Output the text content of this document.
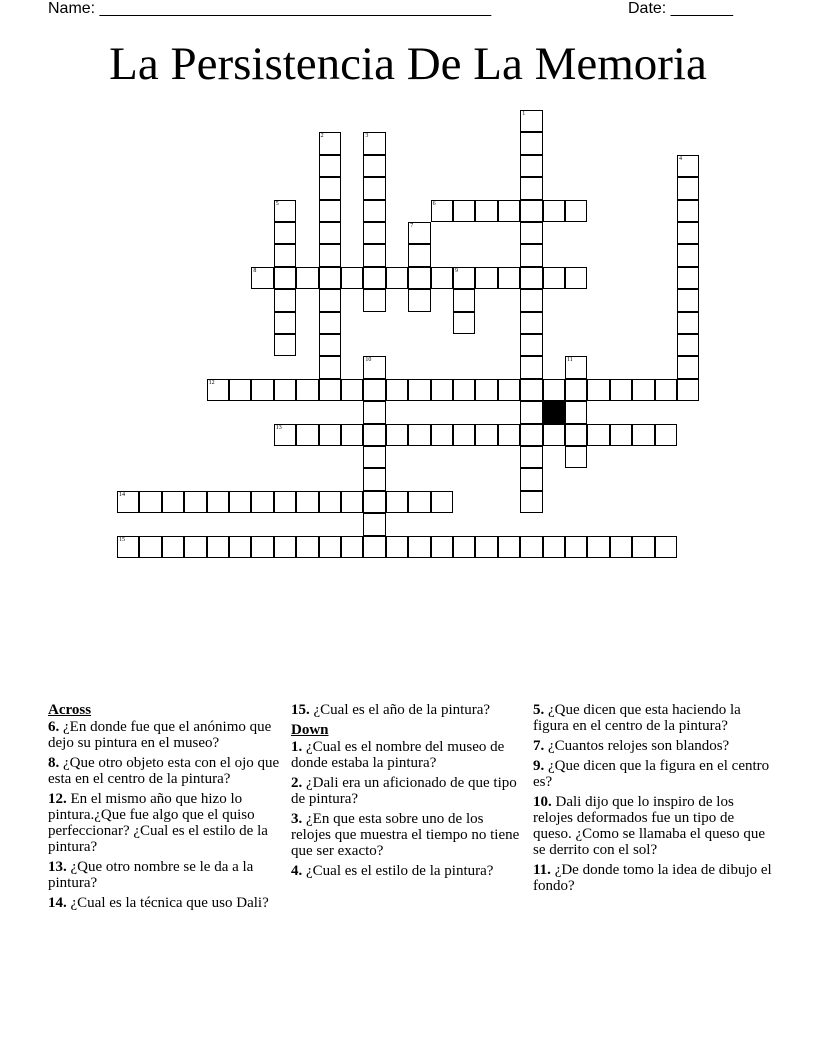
Name: ____________________________________________	Date: _______
La Persistencia De La Memoria
1
2	3
4
5	6
7
8	9
10	11
12
13
14
15
Across
6. ¿En donde fue que el anónimo que dejo su pintura en el museo?
8. ¿Que otro objeto esta con el ojo que esta en el centro de la pintura?
12. En el mismo año que hizo lo pintura.¿Que fue algo que el quiso perfeccionar? ¿Cual es el estilo de la pintura?
13. ¿Que otro nombre se le da a la pintura?
14. ¿Cual es la técnica que uso Dali?
15. ¿Cual es el año de la pintura?
Down
1. ¿Cual es el nombre del museo de donde estaba la pintura?
2. ¿Dali era un aficionado de que tipo de pintura?
3. ¿En que esta sobre uno de los relojes que muestra el tiempo no tiene que ser exacto?
4. ¿Cual es el estilo de la pintura?
5. ¿Que dicen que esta haciendo la figura en el centro de la pintura?
7. ¿Cuantos relojes son blandos?
9. ¿Que dicen que la figura en el centro es?
10. Dali dijo que lo inspiro de los relojes deformados fue un tipo de queso. ¿Como se llamaba el queso que se derrito con el sol?
11. ¿De donde tomo la idea de dibujo el fondo?
